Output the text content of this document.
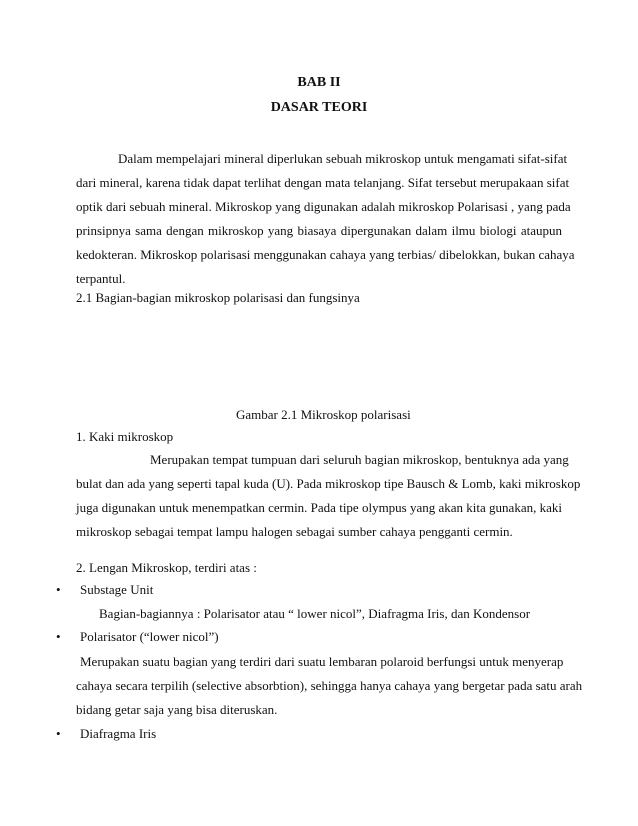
BAB II
DASAR TEORI
Dalam mempelajari mineral diperlukan sebuah mikroskop untuk mengamati sifat-sifat
dari mineral, karena tidak dapat terlihat dengan mata telanjang. Sifat tersebut merupakaan sifat
optik dari sebuah mineral. Mikroskop yang digunakan adalah mikroskop Polarisasi , yang pada
prinsipnya sama dengan mikroskop yang biasaya dipergunakan dalam ilmu biologi ataupun
kedokteran. Mikroskop polarisasi menggunakan cahaya yang terbias/ dibelokkan, bukan cahaya
terpantul.
2.1 Bagian-bagian mikroskop polarisasi dan fungsinya
Gambar 2.1 Mikroskop polarisasi
1. Kaki mikroskop
Merupakan tempat tumpuan dari seluruh bagian mikroskop, bentuknya ada yang
bulat dan ada yang seperti tapal kuda (U). Pada mikroskop tipe Bausch & Lomb, kaki mikroskop
juga digunakan untuk menempatkan cermin. Pada tipe olympus yang akan kita gunakan, kaki
mikroskop sebagai tempat lampu halogen sebagai sumber cahaya pengganti cermin.
2. Lengan Mikroskop, terdiri atas :
• Substage Unit
Bagian-bagiannya : Polarisator atau “ lower nicol”, Diafragma Iris, dan Kondensor
• Polarisator (“lower nicol”)
Merupakan suatu bagian yang terdiri dari suatu lembaran polaroid berfungsi untuk menyerap
cahaya secara terpilih (selective absorbtion), sehingga hanya cahaya yang bergetar pada satu arah
bidang getar saja yang bisa diteruskan.
• Diafragma Iris
